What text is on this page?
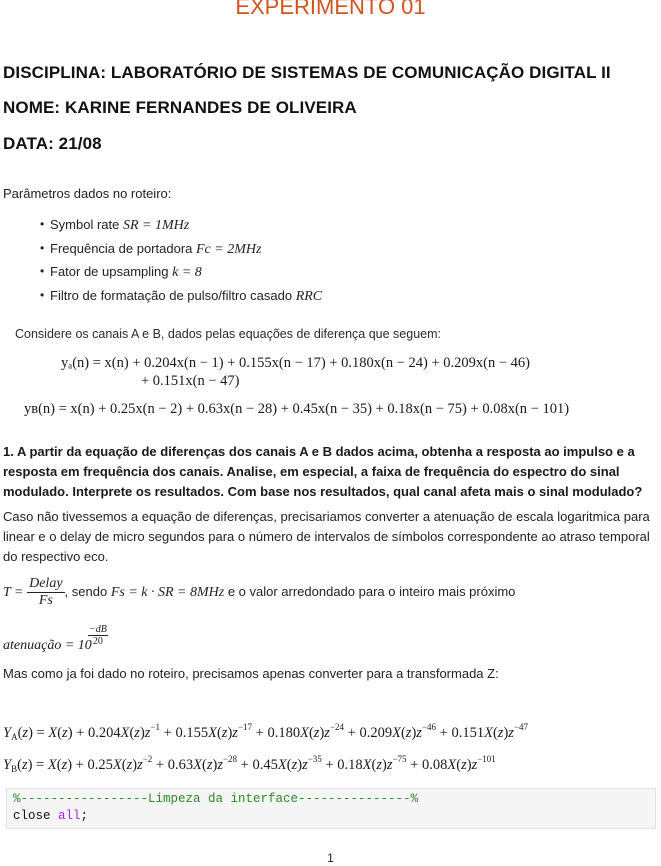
EXPERIMENTO 01
DISCIPLINA: LABORATÓRIO DE SISTEMAS DE COMUNICAÇÃO DIGITAL II
NOME: KARINE FERNANDES DE OLIVEIRA
DATA: 21/08
Parâmetros dados no roteiro:
• Symbol rate SR = 1MHz
• Frequência de portadora Fc = 2MHz
• Fator de upsampling k = 8
• Filtro de formatação de pulso/filtro casado RRC
Considere os canais A e B, dados pelas equações de diferença que seguem:
yₐ(n) = x(n) + 0.204x(n − 1) + 0.155x(n − 17) + 0.180x(n − 24) + 0.209x(n − 46)
+ 0.151x(n − 47)
yʙ(n) = x(n) + 0.25x(n − 2) + 0.63x(n − 28) + 0.45x(n − 35) + 0.18x(n − 75) + 0.08x(n − 101)
1. A partir da equação de diferenças dos canais A e B dados acima, obtenha a resposta ao impulso e a resposta em frequência dos canais. Analise, em especial, a faixa de frequência do espectro do sinal modulado. Interprete os resultados. Com base nos resultados, qual canal afeta mais o sinal modulado?
Caso não tivessemos a equação de diferenças, precisariamos converter a atenuação de escala logaritmica para linear e o delay de micro segundos para o número de intervalos de símbolos correspondente ao atraso temporal do respectivo eco.
$T = \frac{\text{Delay}}{Fs}$ , sendo Fs = k · SR = 8MHz e o valor arredondado para o inteiro mais próximo
atenuação = 10
$\frac{-dB}{20}$
Mas como ja foi dado no roteiro, precisamos apenas converter para a transformada Z:
$Y_A(z) = X(z) + 0.204X(z)z^{-1} + 0.155X(z)z^{-17} + 0.180X(z)z^{-24} + 0.209X(z)z^{-46} + 0.151X(z)z^{-47}$
$Y_B(z) = X(z) + 0.25X(z)z^{-2} + 0.63X(z)z^{-28} + 0.45X(z)z^{-35} + 0.18X(z)z^{-75} + 0.08X(z)z^{-101}$
%-----------------Limpeza da interface---------------%
close all;
1
